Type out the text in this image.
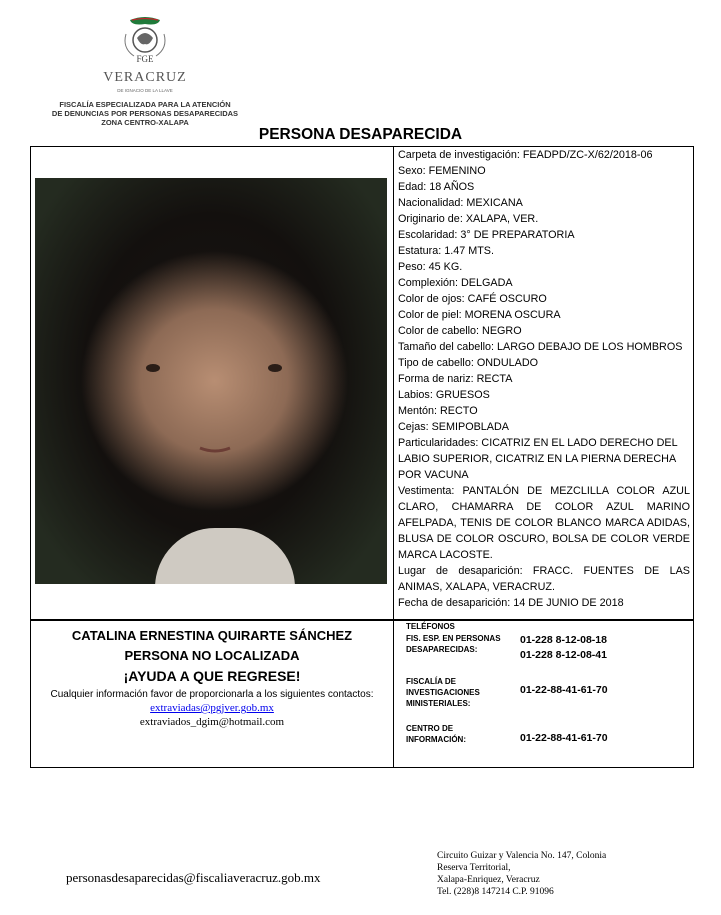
FGE
VERACRUZ
DE IGNACIO DE LA LLAVE
FISCALÍA ESPECIALIZADA PARA LA ATENCIÓN
DE DENUNCIAS POR PERSONAS DESAPARECIDAS
ZONA CENTRO-XALAPA
PERSONA DESAPARECIDA

Carpeta de investigación: FEADPD/ZC-X/62/2018-06

Sexo: FEMENINO

Edad: 18 AÑOS

Nacionalidad: MEXICANA

Originario de: XALAPA, VER.

Escolaridad: 3° DE PREPARATORIA

Estatura: 1.47 MTS.

Peso: 45 KG.

Complexión: DELGADA

Color de ojos: CAFÉ OSCURO

Color de piel: MORENA OSCURA

Color de cabello: NEGRO

Tamaño del cabello: LARGO DEBAJO DE LOS HOMBROS

Tipo de cabello: ONDULADO

Forma de nariz: RECTA

Labios: GRUESOS

Mentón: RECTO

Cejas: SEMIPOBLADA

Particularidades: CICATRIZ EN EL LADO DERECHO DEL LABIO SUPERIOR, CICATRIZ EN LA PIERNA DERECHA POR VACUNA

Vestimenta: PANTALÓN DE MEZCLILLA COLOR AZUL CLARO, CHAMARRA DE COLOR AZUL MARINO AFELPADA, TENIS DE COLOR BLANCO MARCA ADIDAS, BLUSA DE COLOR OSCURO, BOLSA DE COLOR VERDE MARCA LACOSTE.

Lugar de desaparición: FRACC. FUENTES DE LAS ANIMAS, XALAPA, VERACRUZ.

Fecha de desaparición: 14 DE JUNIO DE 2018

CATALINA ERNESTINA QUIRARTE SÁNCHEZ
PERSONA NO LOCALIZADA
¡AYUDA A QUE REGRESE!
Cualquier información favor de proporcionarla a los siguientes contactos:
extraviadas@pgjver.gob.mx
extraviados_dgim@hotmail.com
TELÉFONOS
FIS. ESP. EN PERSONAS
DESAPARECIDAS:
01-228 8-12-08-18
01-228 8-12-08-41
FISCALÍA DE
INVESTIGACIONES
MINISTERIALES:
01-22-88-41-61-70
CENTRO DE
INFORMACIÓN:	01-22-88-41-61-70
personasdesaparecidas@fiscaliaveracruz.gob.mx
Circuito Guizar y Valencia No. 147, Colonia
Reserva Territorial,
Xalapa-Enriquez, Veracruz
Tel. (228)8 147214 C.P. 91096
